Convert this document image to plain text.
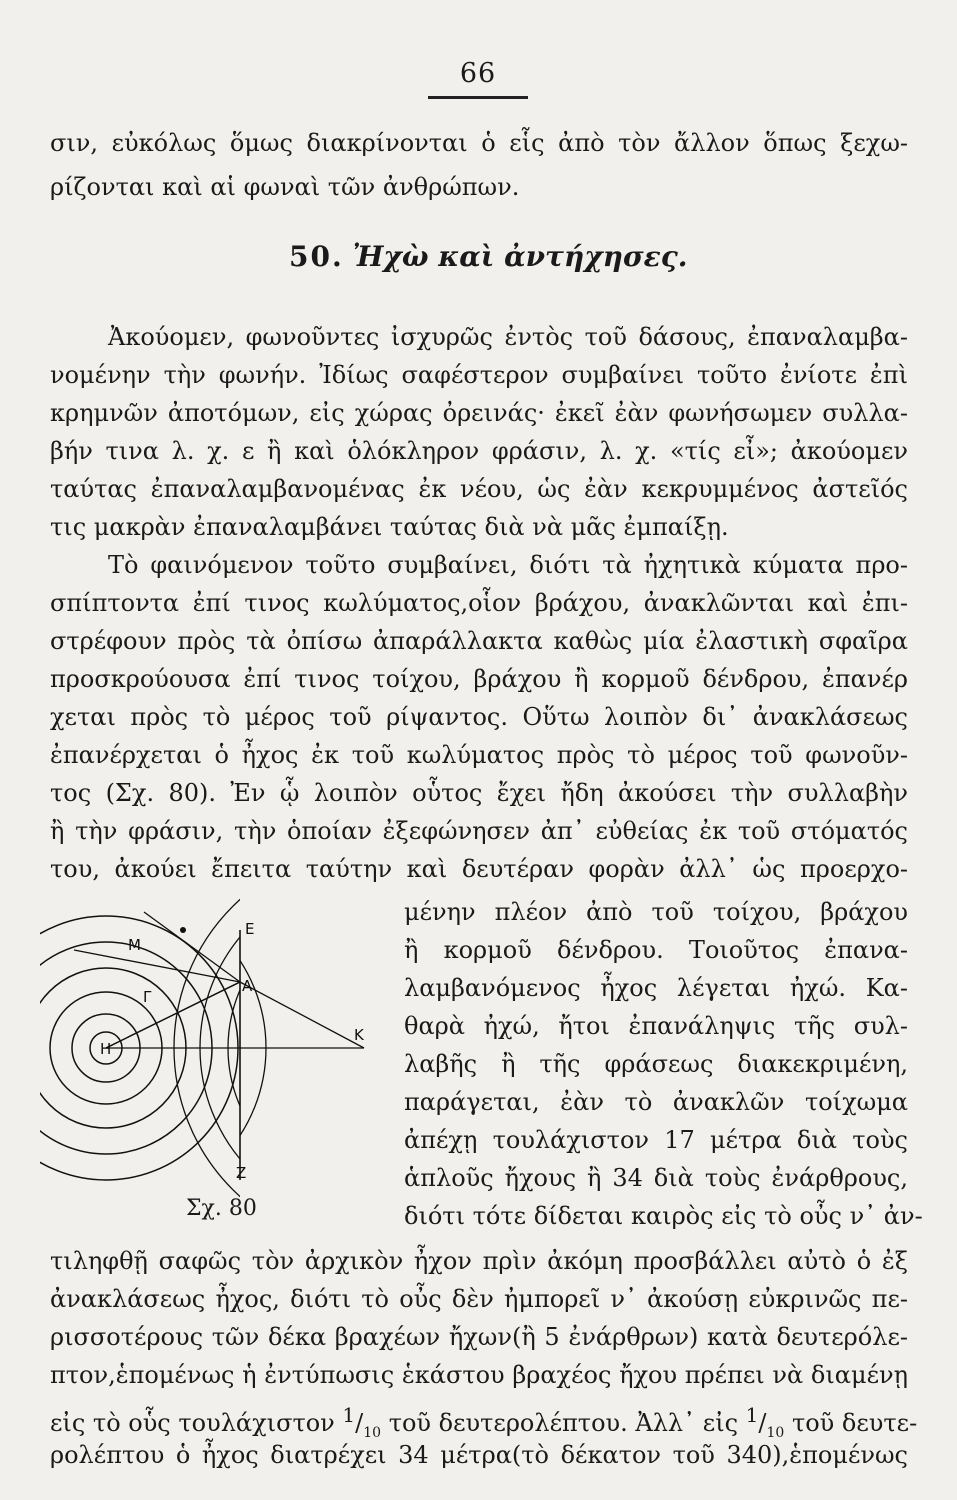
66
σιν, εὐκόλως ὅμως διακρίνονται ὁ εἷς ἀπὸ τὸν ἄλλον ὅπως ξεχω-
ρίζονται καὶ αἱ φωναὶ τῶν ἀνθρώπων.
50. Ἠχὼ καὶ ἀντήχησες.
Ἀκούομεν, φωνοῦντες ἰσχυρῶς ἐντὸς τοῦ δάσους, ἐπαναλαμβα-
νομένην τὴν φωνήν. Ἰδίως σαφέστερον συμβαίνει τοῦτο ἐνίοτε ἐπὶ
κρημνῶν ἀποτόμων, εἰς χώρας ὀρεινάς· ἐκεῖ ἐὰν φωνήσωμεν συλλα-
βήν τινα λ. χ. ε ἢ καὶ ὁλόκληρον φράσιν, λ. χ. «τίς εἶ»; ἀκούομεν
ταύτας ἐπαναλαμβανομένας ἐκ νέου, ὡς ἐὰν κεκρυμμένος ἀστεῖός
τις μακρὰν ἐπαναλαμβάνει ταύτας διὰ νὰ μᾶς ἐμπαίξῃ.
Τὸ φαινόμενον τοῦτο συμβαίνει, διότι τὰ ἠχητικὰ κύματα προ-
σπίπτοντα ἐπί τινος κωλύματος,οἷον βράχου, ἀνακλῶνται καὶ ἐπι-
στρέφουν πρὸς τὰ ὀπίσω ἀπαράλλακτα καθὼς μία ἐλαστικὴ σφαῖρα
προσκρούουσα ἐπί τινος τοίχου, βράχου ἢ κορμοῦ δένδρου, ἐπανέρ
χεται πρὸς τὸ μέρος τοῦ ρίψαντος. Οὕτω λοιπὸν δι᾿ ἀνακλάσεως
ἐπανέρχεται ὁ ἦχος ἐκ τοῦ κωλύματος πρὸς τὸ μέρος τοῦ φωνοῦν-
τος (Σχ. 80). Ἐν ᾧ λοιπὸν οὗτος ἔχει ἤδη ἀκούσει τὴν συλλαβὴν
ἢ τὴν φράσιν, τὴν ὁποίαν ἐξεφώνησεν ἀπ᾿ εὐθείας ἐκ τοῦ στόματός
του, ἀκούει ἔπειτα ταύτην καὶ δευτέραν φορὰν ἀλλ᾿ ὡς προερχο-
μένην πλέον ἀπὸ τοῦ τοίχου, βράχου
ἢ κορμοῦ δένδρου. Τοιοῦτος ἐπανα-
λαμβανόμενος ἦχος λέγεται ἠχώ. Κα-
θαρὰ ἠχώ, ἤτοι ἐπανάληψις τῆς συλ-
λαβῆς ἢ τῆς φράσεως διακεκριμένη,
παράγεται, ἐὰν τὸ ἀνακλῶν τοίχωμα
ἀπέχῃ τουλάχιστον 17 μέτρα διὰ τοὺς
ἁπλοῦς ἤχους ἢ 34 διὰ τοὺς ἐνάρθρους,
διότι τότε δίδεται καιρὸς εἰς τὸ οὖς ν᾿ ἀν-
τιληφθῇ σαφῶς τὸν ἀρχικὸν ἦχον πρὶν ἀκόμη προσβάλλει αὐτὸ ὁ ἐξ
ἀνακλάσεως ἦχος, διότι τὸ οὖς δὲν ἠμπορεῖ ν᾿ ἀκούσῃ εὐκρινῶς πε-
ρισσοτέρους τῶν δέκα βραχέων ἤχων(ἢ 5 ἐνάρθρων) κατὰ δευτερόλε-
πτον,ἑπομένως ἡ ἐντύπωσις ἑκάστου βραχέος ἤχου πρέπει νὰ διαμένῃ
εἰς τὸ οὗς τουλάχιστον $^1/_{10}$ τοῦ δευτερολέπτου. Ἀλλ᾿ εἰς $^1/_{10}$ τοῦ δευτε-
ρολέπτου ὁ ἦχος διατρέχει 34 μέτρα(τὸ δέκατον τοῦ 340),ἑπομένως
M
E
Γ
A
H
K
Z
Σχ. 80
